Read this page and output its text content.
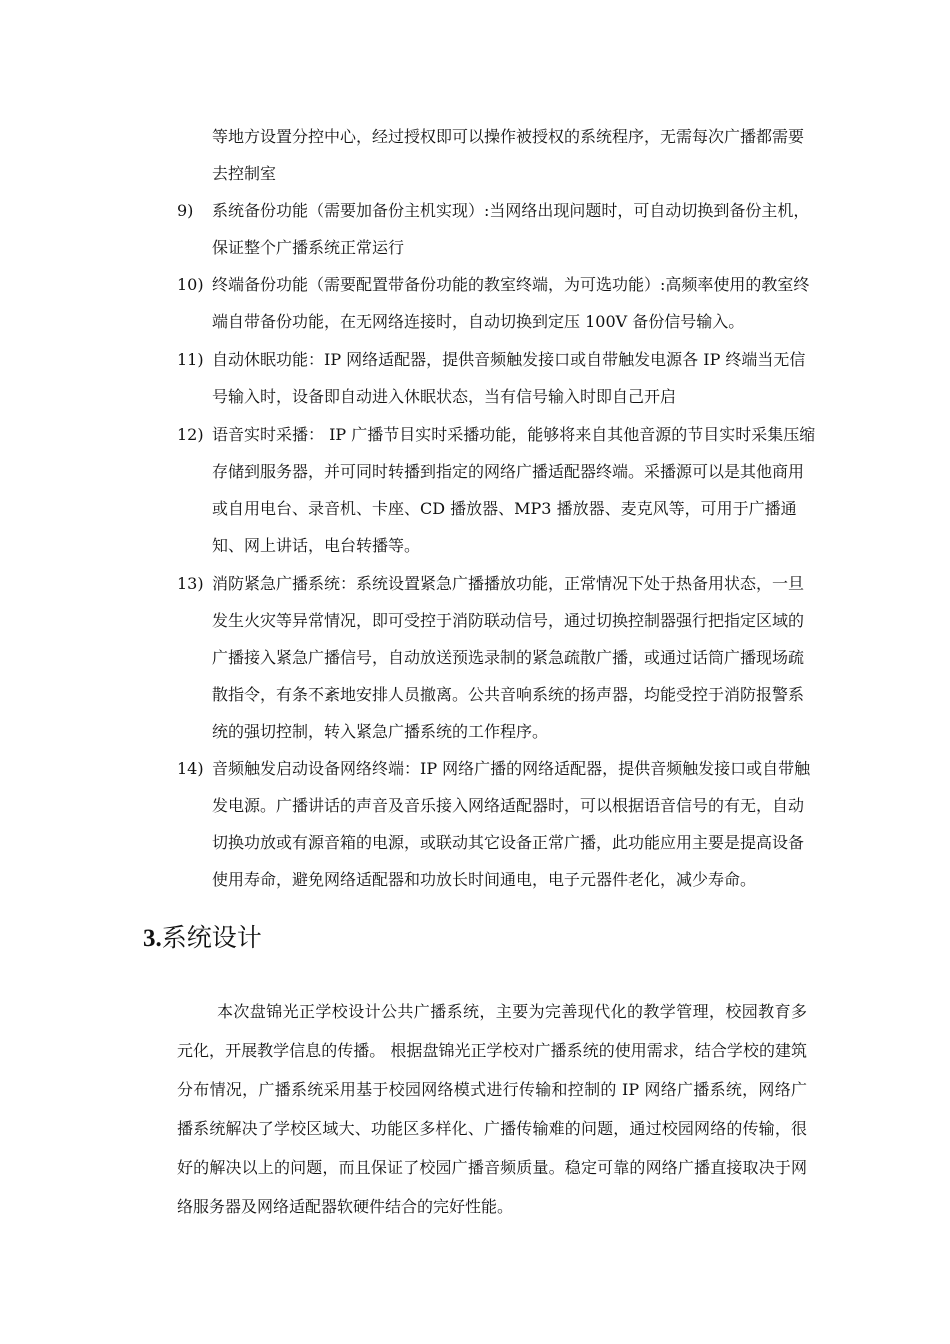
等地方设置分控中心，经过授权即可以操作被授权的系统程序，无需每次广播都需要去控制室
9)	系统备份功能（需要加备份主机实现）:当网络出现问题时，可自动切换到备份主机，保证整个广播系统正常运行
10) 终端备份功能（需要配置带备份功能的教室终端，为可选功能）:高频率使用的教室终端自带备份功能，在无网络连接时，自动切换到定压 100V 备份信号输入。
11) 自动休眠功能：IP 网络适配器，提供音频触发接口或自带触发电源各 IP 终端当无信号输入时，设备即自动进入休眠状态，当有信号输入时即自己开启
12) 语音实时采播： IP 广播节目实时采播功能，能够将来自其他音源的节目实时采集压缩存储到服务器，并可同时转播到指定的网络广播适配器终端。采播源可以是其他商用或自用电台、录音机、卡座、CD 播放器、MP3 播放器、麦克风等，可用于广播通知、网上讲话，电台转播等。
13) 消防紧急广播系统：系统设置紧急广播播放功能，正常情况下处于热备用状态，一旦发生火灾等异常情况，即可受控于消防联动信号，通过切换控制器强行把指定区域的广播接入紧急广播信号，自动放送预选录制的紧急疏散广播，或通过话筒广播现场疏散指令，有条不紊地安排人员撤离。公共音响系统的扬声器，均能受控于消防报警系统的强切控制，转入紧急广播系统的工作程序。
14) 音频触发启动设备网络终端：IP 网络广播的网络适配器，提供音频触发接口或自带触发电源。广播讲话的声音及音乐接入网络适配器时，可以根据语音信号的有无，自动切换功放或有源音箱的电源，或联动其它设备正常广播，此功能应用主要是提高设备使用寿命，避免网络适配器和功放长时间通电，电子元器件老化，减少寿命。
3.系统设计
本次盘锦光正学校设计公共广播系统，主要为完善现代化的教学管理，校园教育多元化，开展教学信息的传播。 根据盘锦光正学校对广播系统的使用需求，结合学校的建筑分布情况，广播系统采用基于校园网络模式进行传输和控制的 IP 网络广播系统，网络广播系统解决了学校区域大、功能区多样化、广播传输难的问题，通过校园网络的传输，很好的解决以上的问题，而且保证了校园广播音频质量。稳定可靠的网络广播直接取决于网络服务器及网络适配器软硬件结合的完好性能。
